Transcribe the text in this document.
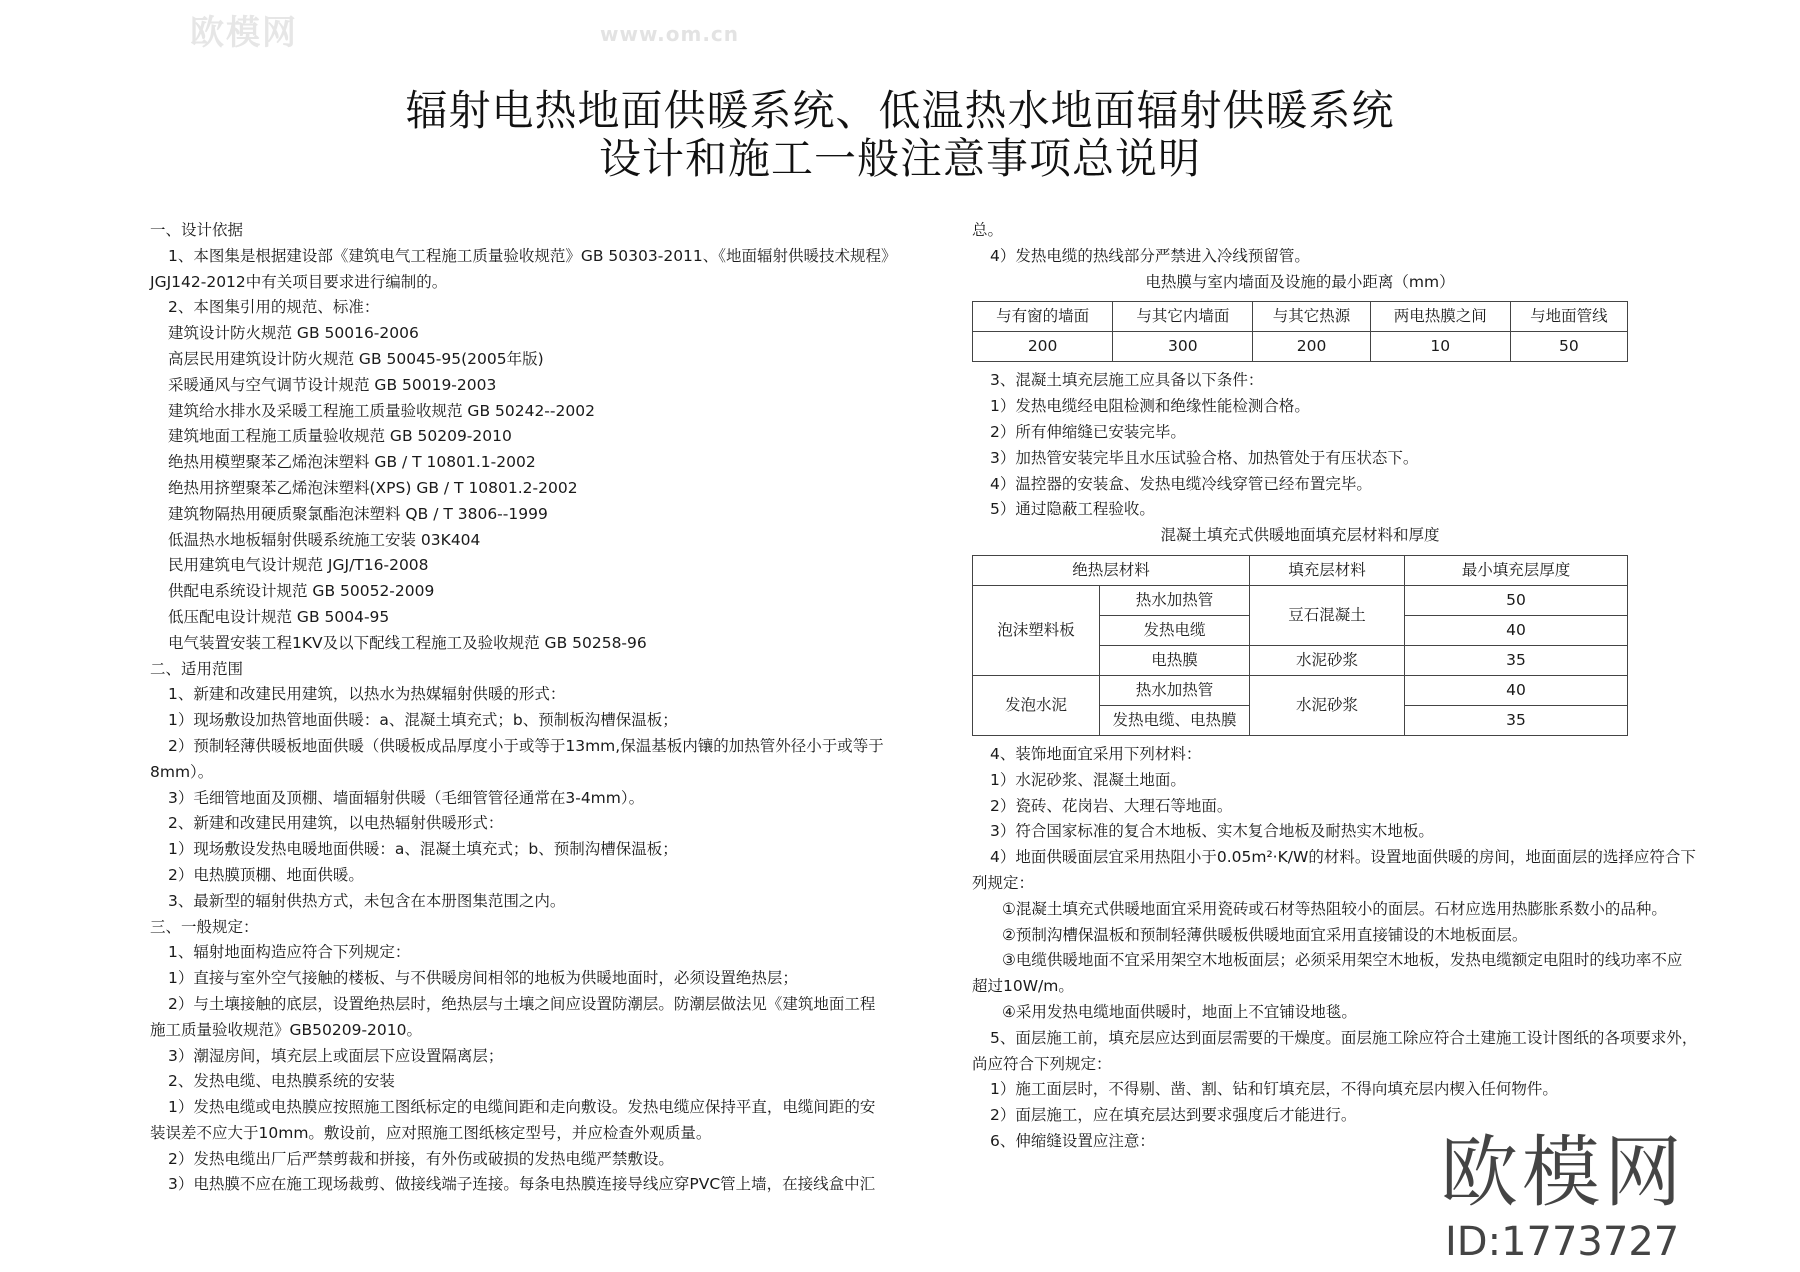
欧模网	www.om.cn
辐射电热地面供暖系统、低温热水地面辐射供暖系统
设计和施工一般注意事项总说明
一、设计依据
1、本图集是根据建设部《建筑电气工程施工质量验收规范》GB 50303-2011、《地面辐射供暖技术规程》
JGJ142-2012中有关项目要求进行编制的。
2、本图集引用的规范、标准：
建筑设计防火规范 GB 50016-2006
高层民用建筑设计防火规范 GB 50045-95(2005年版)
采暖通风与空气调节设计规范 GB 50019-2003
建筑给水排水及采暖工程施工质量验收规范 GB 50242--2002
建筑地面工程施工质量验收规范 GB 50209-2010
绝热用模塑聚苯乙烯泡沫塑料 GB / T 10801.1-2002
绝热用挤塑聚苯乙烯泡沫塑料(XPS) GB / T 10801.2-2002
建筑物隔热用硬质聚氯酯泡沫塑料 QB / T 3806--1999
低温热水地板辐射供暖系统施工安装 03K404
民用建筑电气设计规范 JGJ/T16-2008
供配电系统设计规范 GB 50052-2009
低压配电设计规范 GB 5004-95
电气装置安装工程1KV及以下配线工程施工及验收规范 GB 50258-96
二、适用范围
1、新建和改建民用建筑，以热水为热媒辐射供暖的形式：
1）现场敷设加热管地面供暖：a、混凝土填充式；b、预制板沟槽保温板；
2）预制轻薄供暖板地面供暖（供暖板成品厚度小于或等于13mm,保温基板内镶的加热管外径小于或等于
8mm）。
3）毛细管地面及顶棚、墙面辐射供暖（毛细管管径通常在3-4mm）。
2、新建和改建民用建筑，以电热辐射供暖形式：
1）现场敷设发热电暖地面供暖：a、混凝土填充式；b、预制沟槽保温板；
2）电热膜顶棚、地面供暖。
3、最新型的辐射供热方式，未包含在本册图集范围之内。
三、一般规定：
1、辐射地面构造应符合下列规定：
1）直接与室外空气接触的楼板、与不供暖房间相邻的地板为供暖地面时，必须设置绝热层；
2）与土壤接触的底层，设置绝热层时，绝热层与土壤之间应设置防潮层。防潮层做法见《建筑地面工程
施工质量验收规范》GB50209-2010。
3）潮湿房间，填充层上或面层下应设置隔离层；
2、发热电缆、电热膜系统的安装
1）发热电缆或电热膜应按照施工图纸标定的电缆间距和走向敷设。发热电缆应保持平直，电缆间距的安
装误差不应大于10mm。敷设前，应对照施工图纸核定型号，并应检查外观质量。
2）发热电缆出厂后严禁剪裁和拼接，有外伤或破损的发热电缆严禁敷设。
3）电热膜不应在施工现场裁剪、做接线端子连接。每条电热膜连接导线应穿PVC管上墙，在接线盒中汇
总。
4）发热电缆的热线部分严禁进入冷线预留管。
电热膜与室内墙面及设施的最小距离（mm）
与有窗的墙面	与其它内墙面	与其它热源	两电热膜之间	与地面管线
200	300	200	10	50
3、混凝土填充层施工应具备以下条件：
1）发热电缆经电阻检测和绝缘性能检测合格。
2）所有伸缩缝已安装完毕。
3）加热管安装完毕且水压试验合格、加热管处于有压状态下。
4）温控器的安装盒、发热电缆冷线穿管已经布置完毕。
5）通过隐蔽工程验收。
混凝土填充式供暖地面填充层材料和厚度
绝热层材料		填充层材料	最小填充层厚度
泡沫塑料板	热水加热管	豆石混凝土	50
	发热电缆		40
	电热膜	水泥砂浆	35
发泡水泥	热水加热管	水泥砂浆	40
	发热电缆、电热膜		35
4、装饰地面宜采用下列材料：
1）水泥砂浆、混凝土地面。
2）瓷砖、花岗岩、大理石等地面。
3）符合国家标准的复合木地板、实木复合地板及耐热实木地板。
4）地面供暖面层宜采用热阻小于0.05m²·K/W的材料。设置地面供暖的房间，地面面层的选择应符合下
列规定：
①混凝土填充式供暖地面宜采用瓷砖或石材等热阻较小的面层。石材应选用热膨胀系数小的品种。
②预制沟槽保温板和预制轻薄供暖板供暖地面宜采用直接铺设的木地板面层。
③电缆供暖地面不宜采用架空木地板面层；必须采用架空木地板，发热电缆额定电阻时的线功率不应
超过10W/m。
④采用发热电缆地面供暖时，地面上不宜铺设地毯。
5、面层施工前，填充层应达到面层需要的干燥度。面层施工除应符合土建施工设计图纸的各项要求外，
尚应符合下列规定：
1）施工面层时，不得剔、凿、割、钻和钉填充层，不得向填充层内楔入任何物件。
2）面层施工，应在填充层达到要求强度后才能进行。
6、伸缩缝设置应注意：	欧模网
ID:1773727
